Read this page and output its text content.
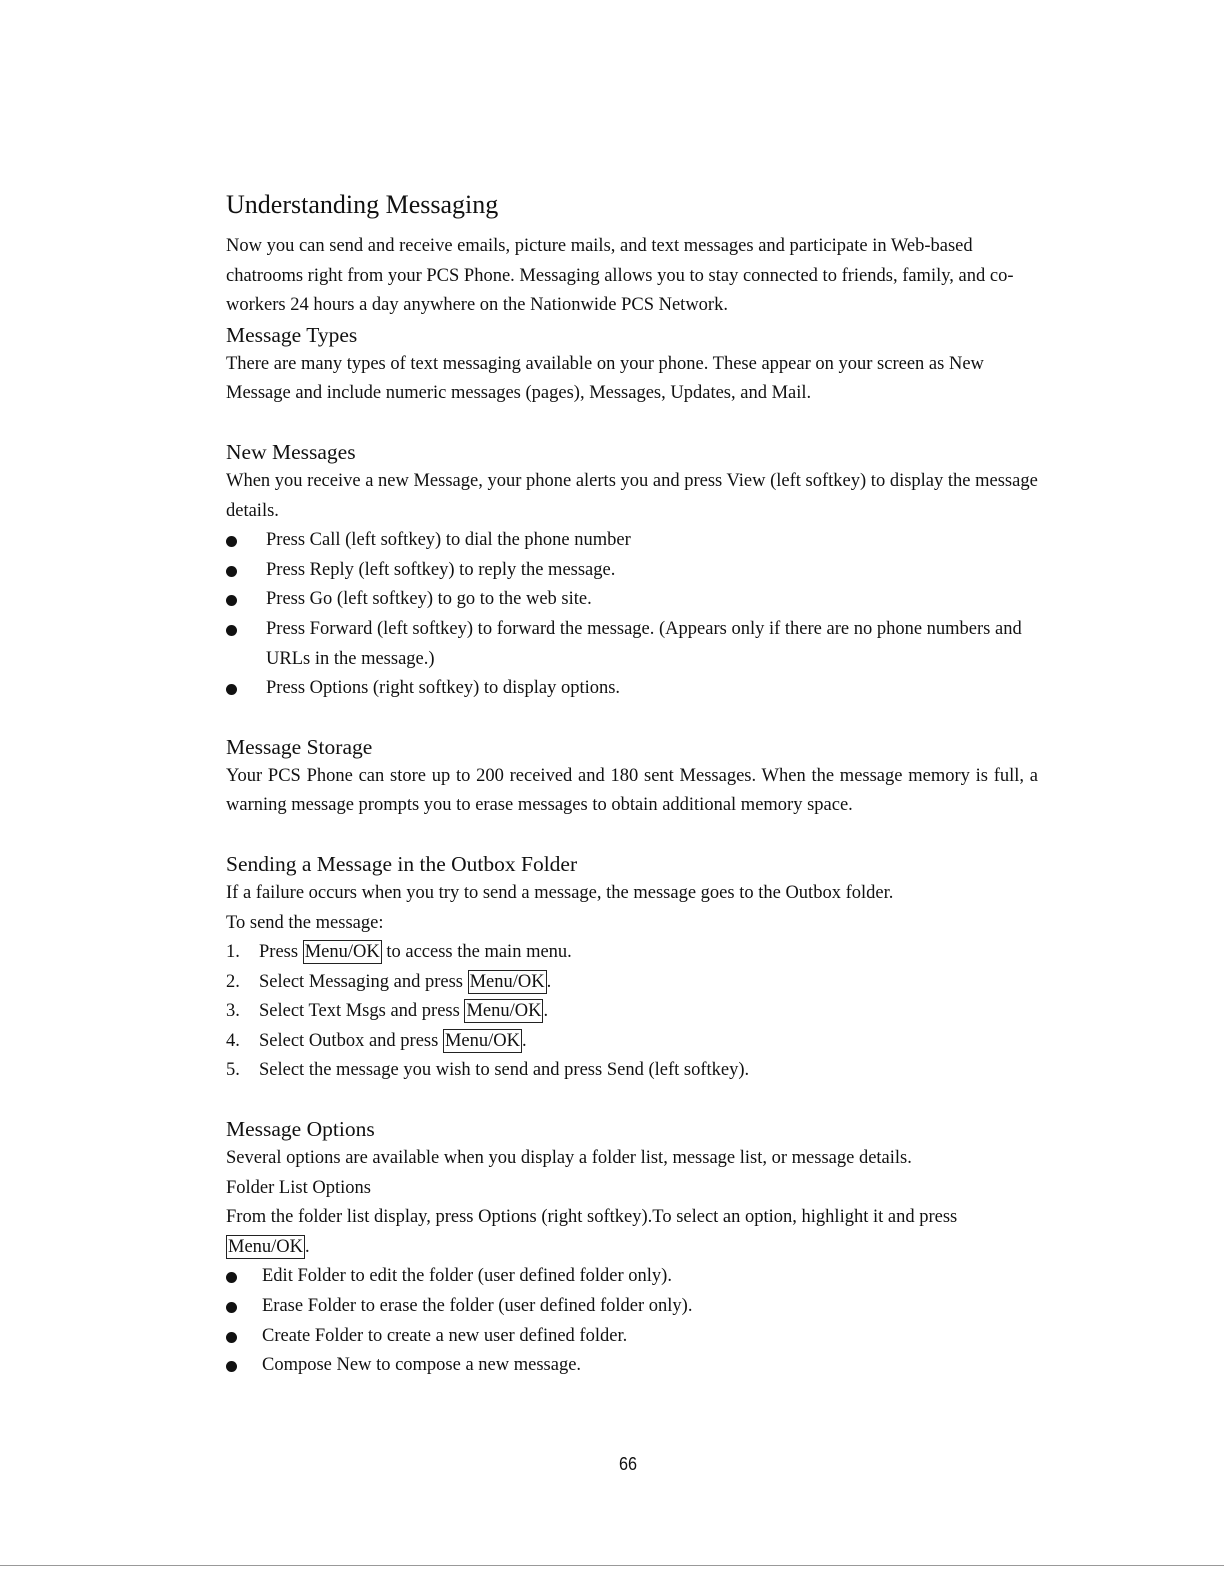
Understanding Messaging

Now you can send and receive emails, picture mails, and text messages and participate in Web-based chatrooms right from your PCS Phone. Messaging allows you to stay connected to friends, family, and co-workers 24 hours a day anywhere on the Nationwide PCS Network.

Message Types

There are many types of text messaging available on your phone. These appear on your screen as New Message and include numeric messages (pages), Messages, Updates, and Mail.

New Messages

When you receive a new Message, your phone alerts you and press View (left softkey) to display the message details.

Press Call (left softkey) to dial the phone number
Press Reply (left softkey) to reply the message.
Press Go (left softkey) to go to the web site.
Press Forward (left softkey) to forward the message. (Appears only if there are no phone numbers and URLs in the message.)
Press Options (right softkey) to display options.
Message Storage

Your PCS Phone can store up to 200 received and 180 sent Messages. When the message memory is full, a warning message prompts you to erase messages to obtain additional memory space.

Sending a Message in the Outbox Folder

If a failure occurs when you try to send a message, the message goes to the Outbox folder.

To send the message:

1. Press Menu/OK to access the main menu.
2. Select Messaging and press Menu/OK .
3. Select Text Msgs and press Menu/OK .
4. Select Outbox and press Menu/OK .
5. Select the message you wish to send and press Send (left softkey).
Message Options

Several options are available when you display a folder list, message list, or message details.

Folder List Options

From the folder list display, press Options (right softkey).To select an option, highlight it and press Menu/OK .

Edit Folder to edit the folder (user defined folder only).
Erase Folder to erase the folder (user defined folder only).
Create Folder to create a new user defined folder.
Compose New to compose a new message.
66
